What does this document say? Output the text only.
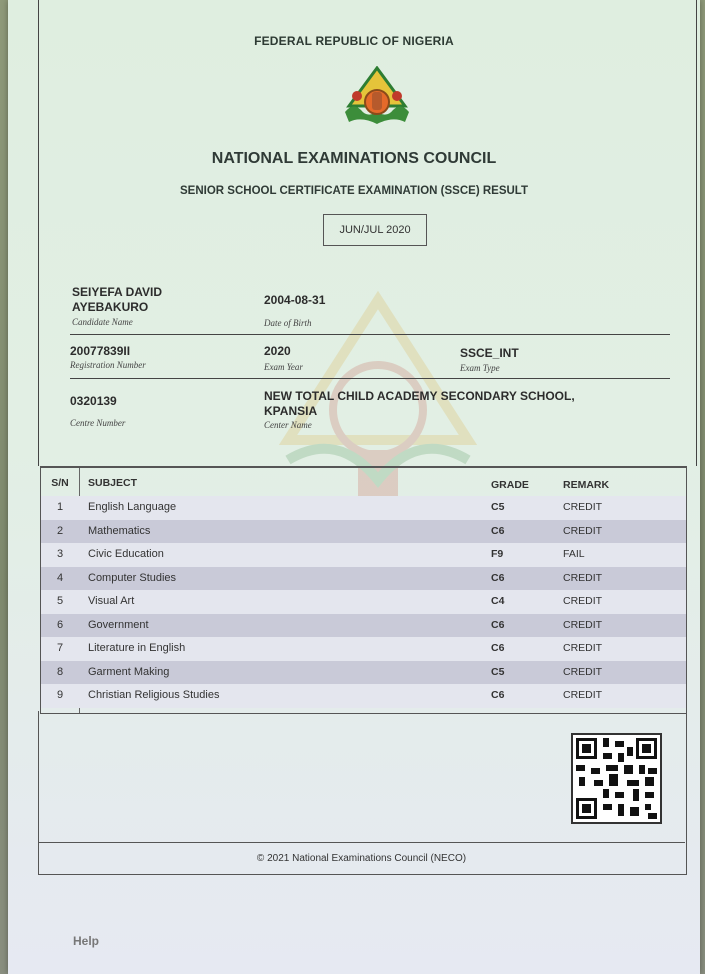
FEDERAL REPUBLIC OF NIGERIA
NATIONAL EXAMINATIONS COUNCIL
SENIOR SCHOOL CERTIFICATE EXAMINATION (SSCE) RESULT
JUN/JUL 2020
SEIYEFA DAVID
AYEBAKURO
Candidate Name
2004-08-31
Date of Birth
20077839II
Registration Number
2020
Exam Year
SSCE_INT
Exam Type
0320139
Centre Number
NEW TOTAL CHILD ACADEMY SECONDARY SCHOOL,
KPANSIA
Center Name
S/N	SUBJECT	GRADE	REMARK
1	English Language	C5	CREDIT
2	Mathematics	C6	CREDIT
3	Civic Education	F9	FAIL
4	Computer Studies	C6	CREDIT
5	Visual Art	C4	CREDIT
6	Government	C6	CREDIT
7	Literature in English	C6	CREDIT
8	Garment Making	C5	CREDIT
9	Christian Religious Studies	C6	CREDIT
© 2021 National Examinations Council (NECO)
Help
